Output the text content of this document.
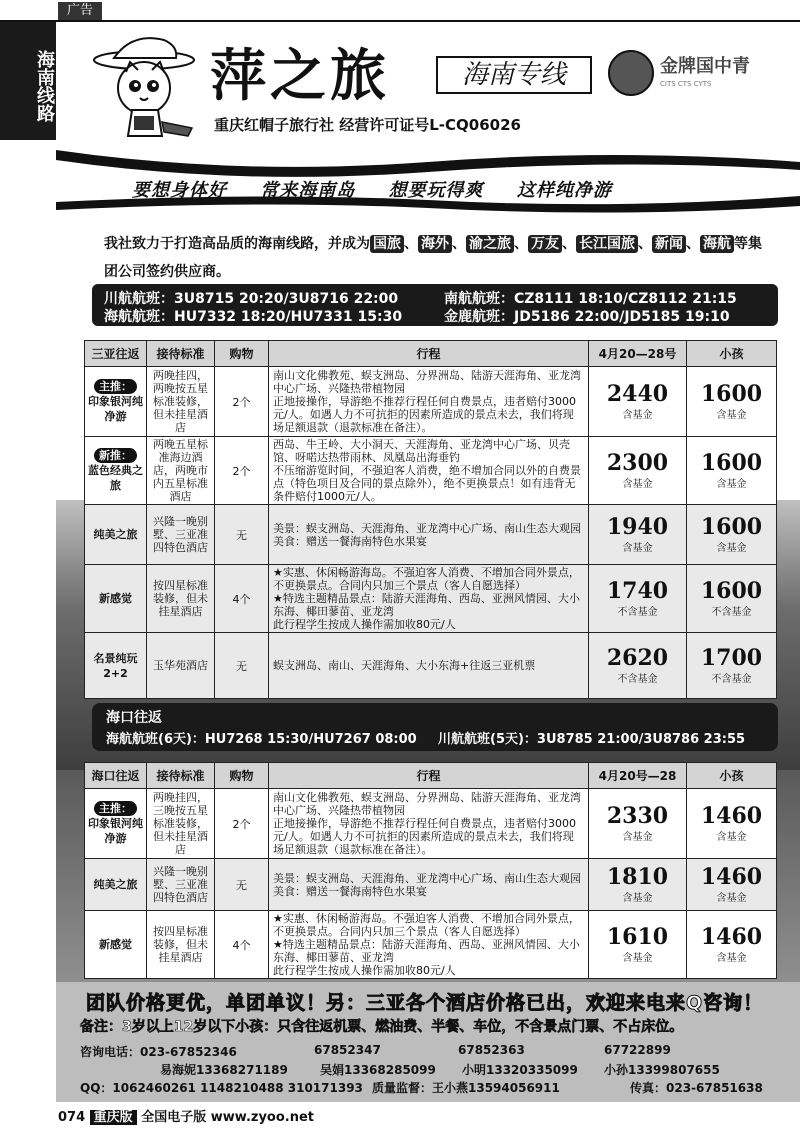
广告
海南线路	萍之旅	海南专线
重庆红帽子旅行社 经营许可证号L-CQ06026
金牌国中青
CITS CTS CYTS
要想身体好 常来海南岛 想要玩得爽 这样纯净游
我社致力于打造高品质的海南线路，并成为 国旅 、 海外 、 渝之旅 、 万友 、 长江国旅 、 新闻 、 海航 等集团公司签约供应商。
川航航班：3U8715 20:20/3U8716 22:00	南航航班：CZ8111 18:10/CZ8112 21:15
海航航班：HU7332 18:20/HU7331 15:30	金鹿航班：JD5186 22:00/JD5185 19:10
三亚往返	接待标准	购物	行程	4月20—28号	小孩
主推：
印象银河纯净游	两晚挂四，两晚按五星标准装修，但未挂星酒店	2个	南山文化佛教苑、蜈支洲岛、分界洲岛、陆游天涯海角、亚龙湾中心广场、兴隆热带植物园
正地接操作，导游绝不推荐行程任何自费景点，违者赔付3000元/人。如遇人力不可抗拒的因素所造成的景点未去，我们将现场足额退款（退款标准在备注）。	2440
含基金	1600
含基金

新推：
蓝色经典之旅	两晚五星标准海边酒店，两晚市内五星标准酒店	2个	西岛、牛王岭、大小洞天、天涯海角、亚龙湾中心广场、贝壳馆、呀喏达热带雨林、凤凰岛出海垂钓
不压缩游览时间，不强迫客人消费，绝不增加合同以外的自费景点（特色项目及合同的景点除外），绝不更换景点！如有违背无条件赔付1000元/人。	2300
含基金	1600
含基金

纯美之旅	兴隆一晚别墅、三亚准四特色酒店	无	美景：蜈支洲岛、天涯海角、亚龙湾中心广场、南山生态大观园
美食：赠送一餐海南特色水果宴	1940
含基金	1600
含基金

新感觉	按四星标准装修，但未挂星酒店	4个	★实惠、休闲畅游海岛。不强迫客人消费、不增加合同外景点，不更换景点。合同内只加三个景点（客人自愿选择）
★特选主题精品景点：陆游天涯海角、西岛、亚洲风情园、大小东海、椰田蓼苗、亚龙湾
此行程学生按成人操作需加收80元/人	1740
不含基金	1600
不含基金

名景纯玩 2+2	玉华苑酒店	无	蜈支洲岛、南山、天涯海角、大小东海+往返三亚机票	2620
不含基金	1700
不含基金
海口往返
海航航班(6天)：HU7268 15:30/HU7267 08:00 川航航班(5天)：3U8785 21:00/3U8786 23:55
海口往返	接待标准	购物	行程	4月20号—28	小孩
主推：
印象银河纯净游	两晚挂四，三晚按五星标准装修，但未挂星酒店	2个	南山文化佛教苑、蜈支洲岛、分界洲岛、陆游天涯海角、亚龙湾中心广场、兴隆热带植物园
正地接操作，导游绝不推荐行程任何自费景点，违者赔付3000元/人。如遇人力不可抗拒的因素所造成的景点未去，我们将现场足额退款（退款标准在备注）。	2330
含基金	1460
含基金

纯美之旅	兴隆一晚别墅、三亚准四特色酒店	无	美景：蜈支洲岛、天涯海角、亚龙湾中心广场、南山生态大观园
美食：赠送一餐海南特色水果宴	1810
含基金	1460
含基金

新感觉	按四星标准装修，但未挂星酒店	4个	★实惠、休闲畅游海岛。不强迫客人消费、不增加合同外景点，不更换景点。合同内只加三个景点（客人自愿选择）
★特选主题精品景点：陆游天涯海角、西岛、亚洲风情园、大小东海、椰田蓼苗、亚龙湾
此行程学生按成人操作需加收80元/人	1610
含基金	1460
含基金
团队价格更优，单团单议！另：三亚各个酒店价格已出，欢迎来电来Q咨询！
备注：3岁以上12岁以下小孩：只含往返机票、燃油费、半餐、车位，不含景点门票、不占床位。
咨询电话：023-67852346	67852347	67852363	67722899
易海妮13368271189	吴娟13368285099 小明13320335099 小孙13399807655
QQ：1062460261 1148210488 310171393 质量监督：王小燕13594056911	传真：023-67851638
074 重庆版 全国电子版 www.zyoo.net
